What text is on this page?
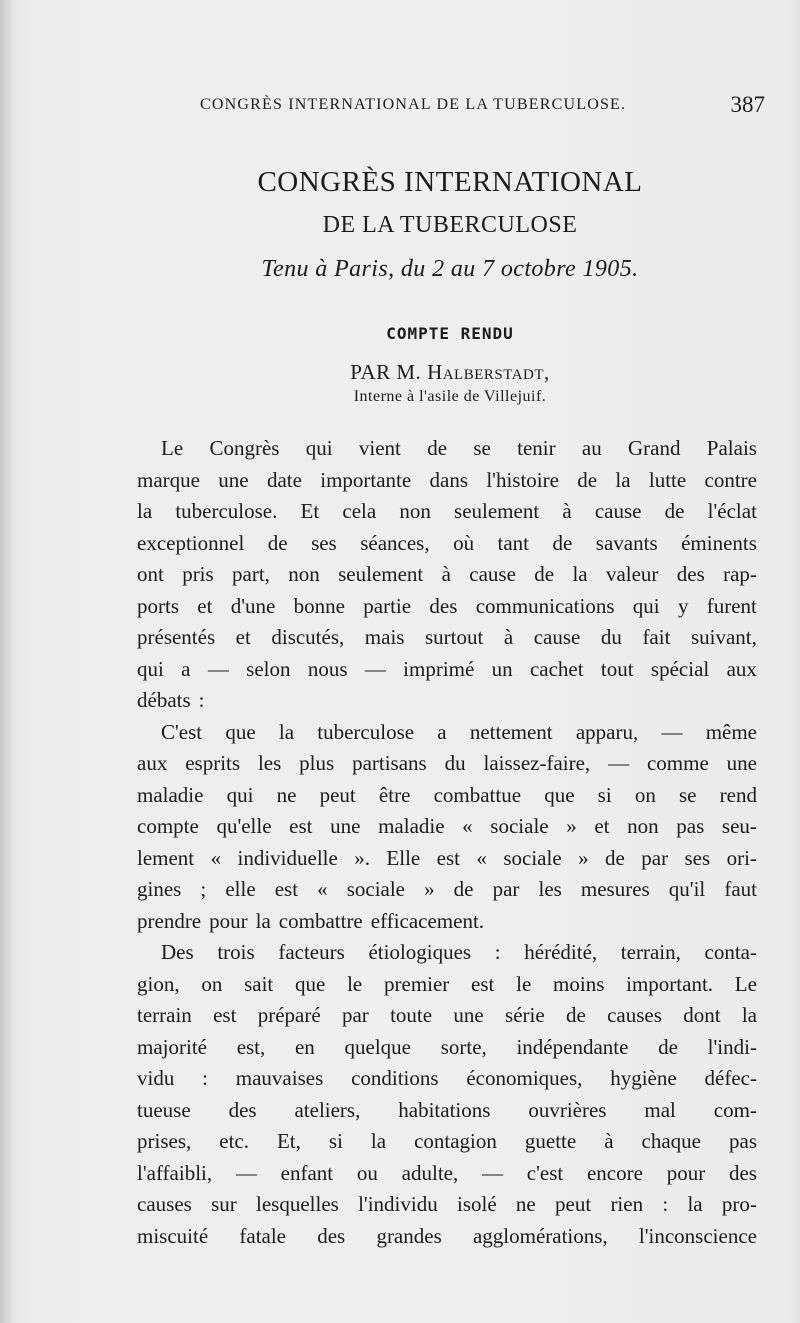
CONGRÈS INTERNATIONAL DE LA TUBERCULOSE.	387
CONGRÈS INTERNATIONAL
DE LA TUBERCULOSE
Tenu à Paris, du 2 au 7 octobre 1905.
COMPTE RENDU
PAR M. Halberstadt,
Interne à l'asile de Villejuif.
Le Congrès qui vient de se tenir au Grand Palais
marque une date importante dans l'histoire de la lutte contre
la tuberculose. Et cela non seulement à cause de l'éclat
exceptionnel de ses séances, où tant de savants éminents
ont pris part, non seulement à cause de la valeur des rap-
ports et d'une bonne partie des communications qui y furent
présentés et discutés, mais surtout à cause du fait suivant,
qui a — selon nous — imprimé un cachet tout spécial aux
débats :
C'est que la tuberculose a nettement apparu, — même
aux esprits les plus partisans du laissez-faire, — comme une
maladie qui ne peut être combattue que si on se rend
compte qu'elle est une maladie « sociale » et non pas seu-
lement « individuelle ». Elle est « sociale » de par ses ori-
gines ; elle est « sociale » de par les mesures qu'il faut
prendre pour la combattre efficacement.
Des trois facteurs étiologiques : hérédité, terrain, conta-
gion, on sait que le premier est le moins important. Le
terrain est préparé par toute une série de causes dont la
majorité est, en quelque sorte, indépendante de l'indi-
vidu : mauvaises conditions économiques, hygiène défec-
tueuse des ateliers, habitations ouvrières mal com-
prises, etc. Et, si la contagion guette à chaque pas
l'affaibli, — enfant ou adulte, — c'est encore pour des
causes sur lesquelles l'individu isolé ne peut rien : la pro-
miscuité fatale des grandes agglomérations, l'inconscience
